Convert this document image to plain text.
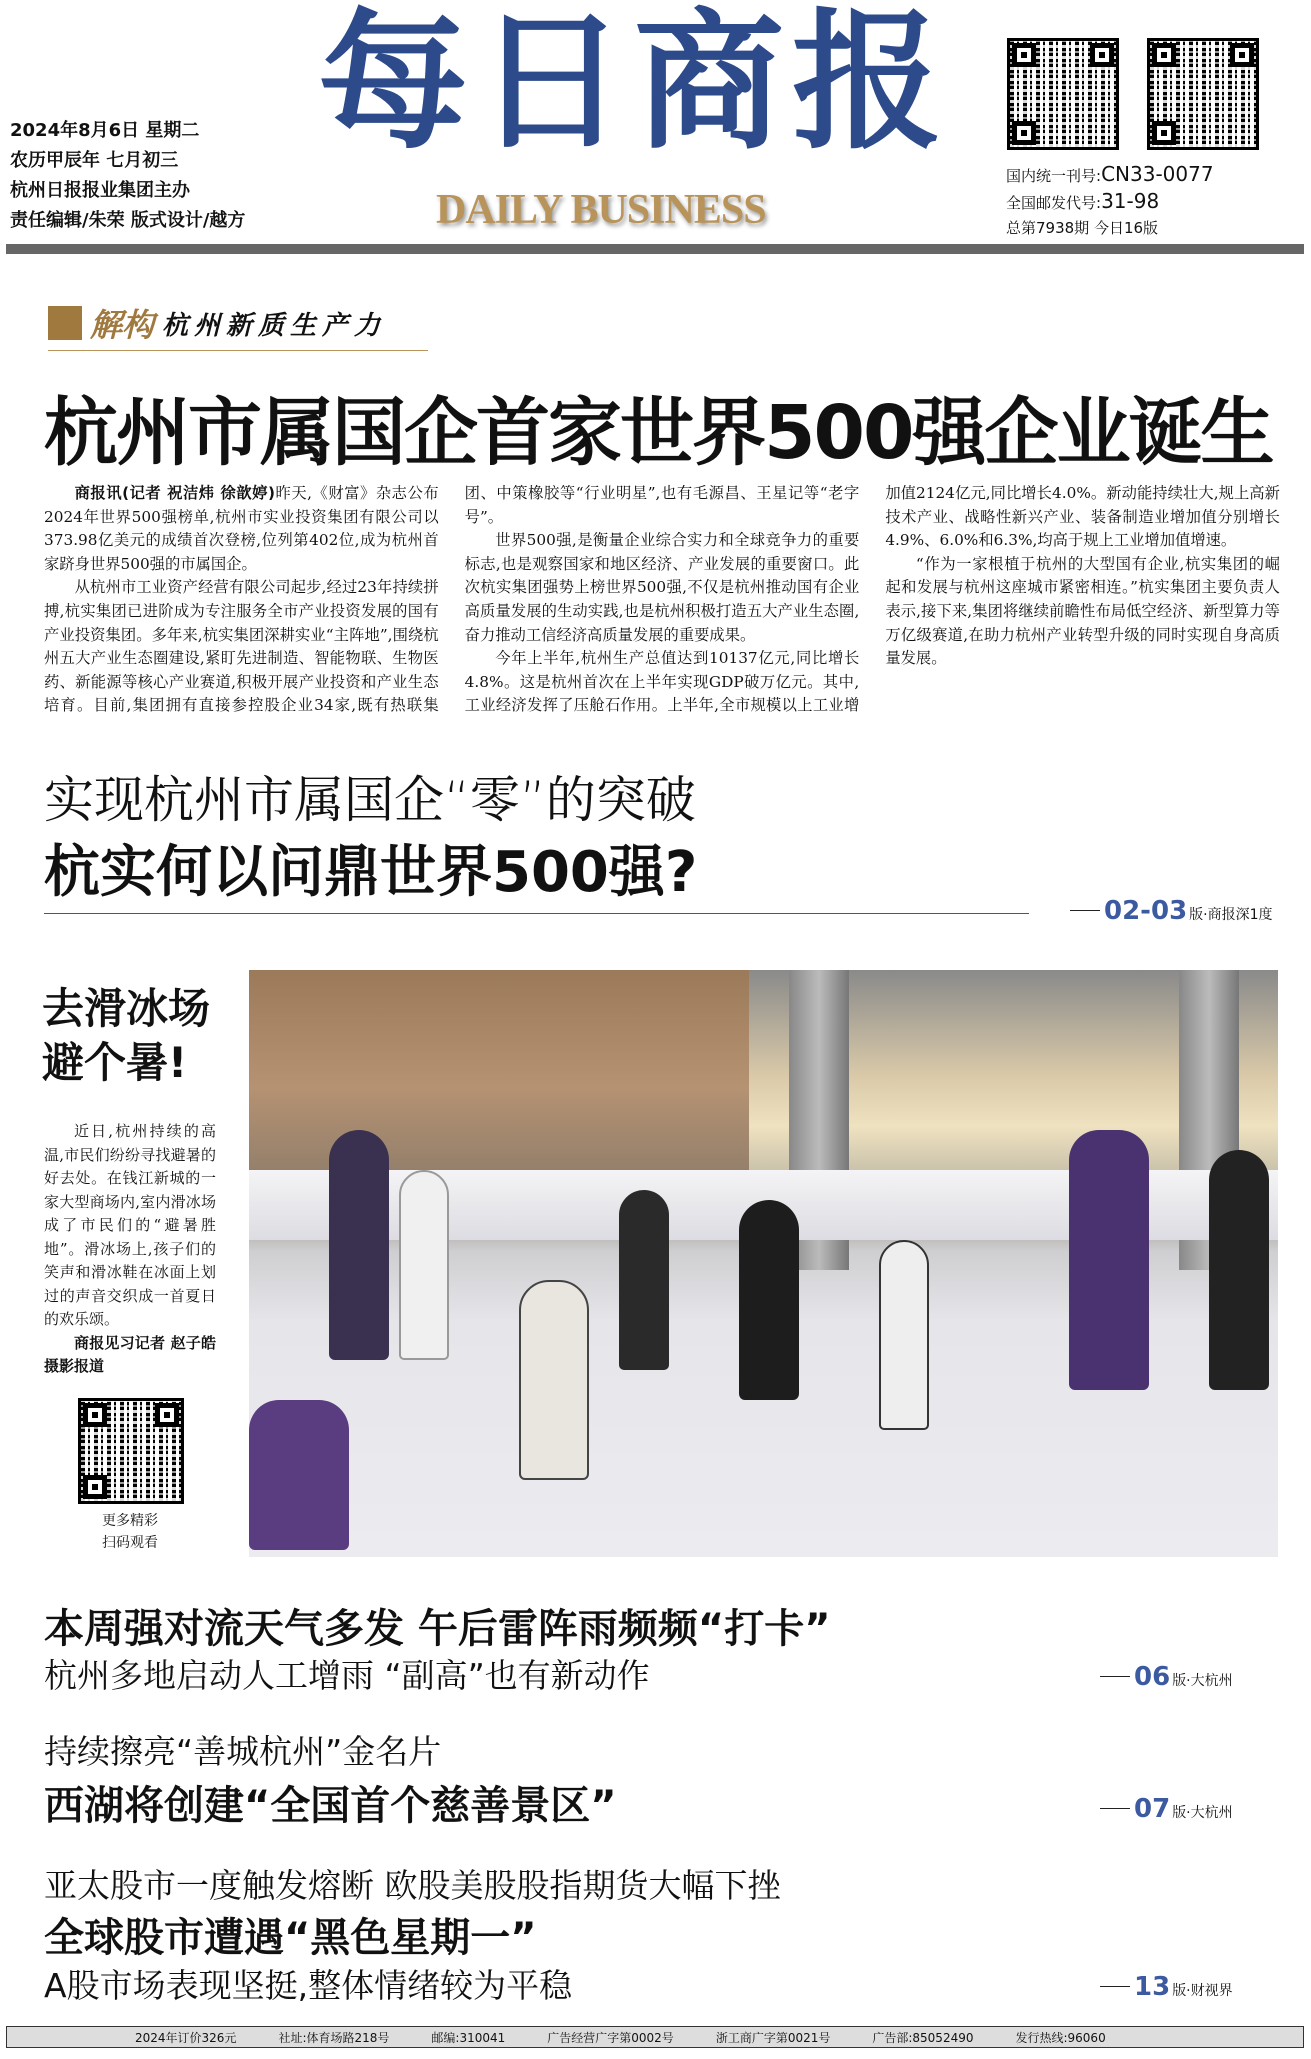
每日商报
DAILY BUSINESS
2024年8月6日 星期二
农历甲辰年 七月初三
杭州日报报业集团主办
责任编辑/朱荣 版式设计/越方
国内统一刊号:CN33-0077
全国邮发代号:31-98
总第7938期 今日16版
解构 杭州新质生产力
杭州市属国企首家世界500强企业诞生

商报讯(记者 祝洁炜 徐歆婷)昨天,《财富》杂志公布2024年世界500强榜单,杭州市实业投资集团有限公司以373.98亿美元的成绩首次登榜,位列第402位,成为杭州首家跻身世界500强的市属国企。

从杭州市工业资产经营有限公司起步,经过23年持续拼搏,杭实集团已进阶成为专注服务全市产业投资发展的国有产业投资集团。多年来,杭实集团深耕实业“主阵地”,围绕杭州五大产业生态圈建设,紧盯先进制造、智能物联、生物医药、新能源等核心产业赛道,积极开展产业投资和产业生态培育。目前,集团拥有直接参控股企业34家,既有热联集团、中策橡胶等“行业明星”,也有毛源昌、王星记等“老字号”。

世界500强,是衡量企业综合实力和全球竞争力的重要标志,也是观察国家和地区经济、产业发展的重要窗口。此次杭实集团强势上榜世界500强,不仅是杭州推动国有企业高质量发展的生动实践,也是杭州积极打造五大产业生态圈,奋力推动工信经济高质量发展的重要成果。

今年上半年,杭州生产总值达到10137亿元,同比增长4.8%。这是杭州首次在上半年实现GDP破万亿元。其中,工业经济发挥了压舱石作用。上半年,全市规模以上工业增加值2124亿元,同比增长4.0%。新动能持续壮大,规上高新技术产业、战略性新兴产业、装备制造业增加值分别增长4.9%、6.0%和6.3%,均高于规上工业增加值增速。

“作为一家根植于杭州的大型国有企业,杭实集团的崛起和发展与杭州这座城市紧密相连。”杭实集团主要负责人表示,接下来,集团将继续前瞻性布局低空经济、新型算力等万亿级赛道,在助力杭州产业转型升级的同时实现自身高质量发展。

实现杭州市属国企“零”的突破
杭实何以问鼎世界500强?
02-03 版·商报深1度
去滑冰场
避个暑!

近日,杭州持续的高温,市民们纷纷寻找避暑的好去处。在钱江新城的一家大型商场内,室内滑冰场成了市民们的“避暑胜地”。滑冰场上,孩子们的笑声和滑冰鞋在冰面上划过的声音交织成一首夏日的欢乐颂。

商报见习记者 赵子皓 摄影报道

更多精彩
扫码观看
本周强对流天气多发 午后雷阵雨频频“打卡”
杭州多地启动人工增雨 “副高”也有新动作	06 版·大杭州
持续擦亮“善城杭州”金名片
西湖将创建“全国首个慈善景区”	07 版·大杭州
亚太股市一度触发熔断 欧股美股股指期货大幅下挫
全球股市遭遇“黑色星期一”
A股市场表现坚挺,整体情绪较为平稳	13 版·财视界
2024年订价326元	社址:体育场路218号	邮编:310041	广告经营广字第0002号	浙工商广字第0021号	广告部:85052490	发行热线:96060
